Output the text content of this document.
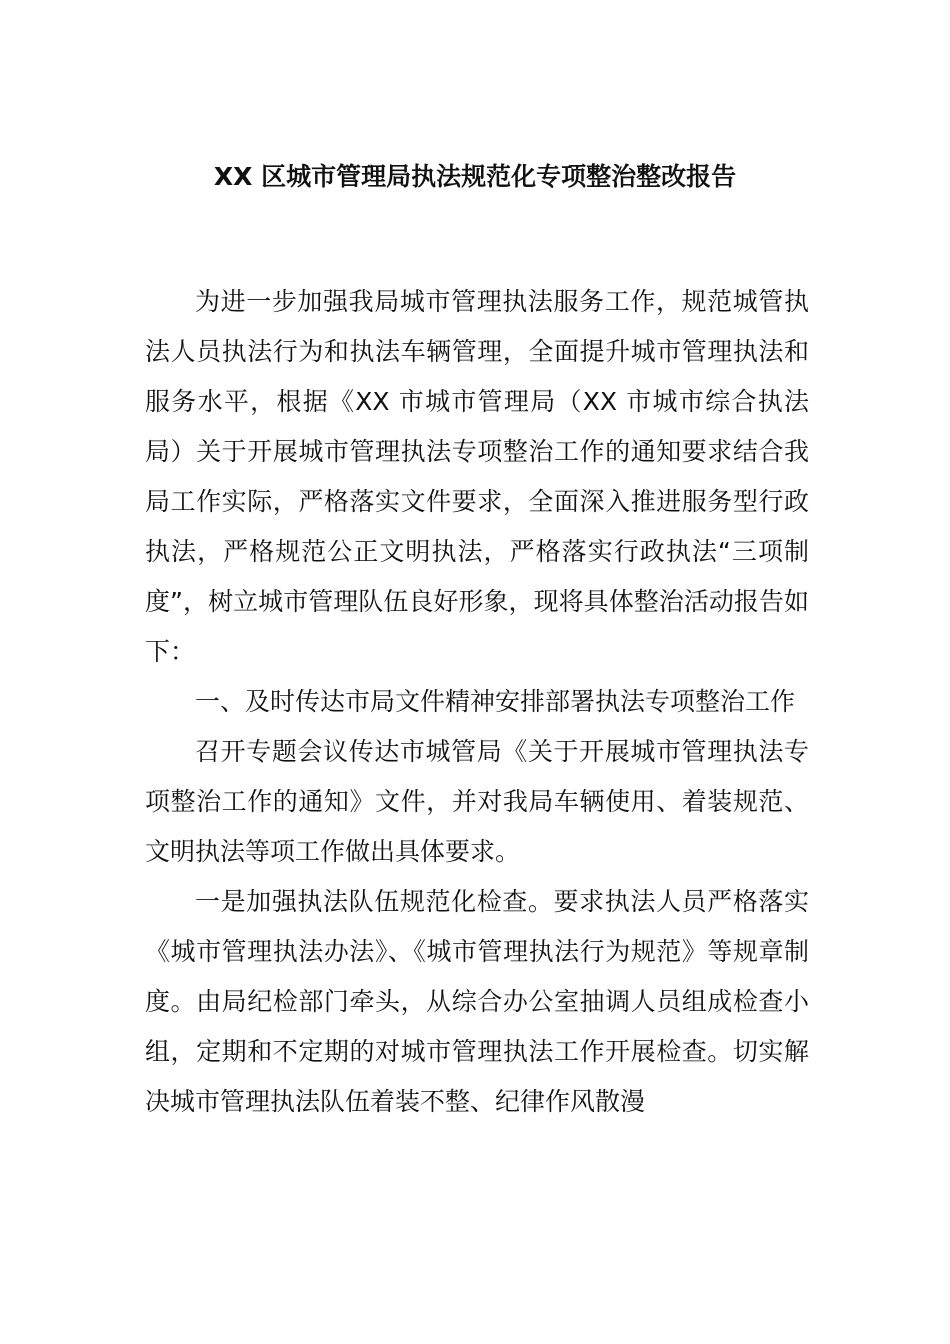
XX 区城市管理局执法规范化专项整治整改报告

为进一步加强我局城市管理执法服务工作，规范城管执法人员执法行为和执法车辆管理，全面提升城市管理执法和服务水平，根据《XX 市城市管理局（XX 市城市综合执法局）关于开展城市管理执法专项整治工作的通知要求结合我局工作实际，严格落实文件要求，全面深入推进服务型行政执法，严格规范公正文明执法，严格落实行政执法“三项制度”，树立城市管理队伍良好形象，现将具体整治活动报告如下：

一、及时传达市局文件精神安排部署执法专项整治工作

召开专题会议传达市城管局《关于开展城市管理执法专项整治工作的通知》文件，并对我局车辆使用、着装规范、文明执法等项工作做出具体要求。

一是加强执法队伍规范化检查。要求执法人员严格落实《城市管理执法办法》、《城市管理执法行为规范》等规章制度。由局纪检部门牵头，从综合办公室抽调人员组成检查小组，定期和不定期的对城市管理执法工作开展检查。切实解决城市管理执法队伍着装不整、纪律作风散漫
